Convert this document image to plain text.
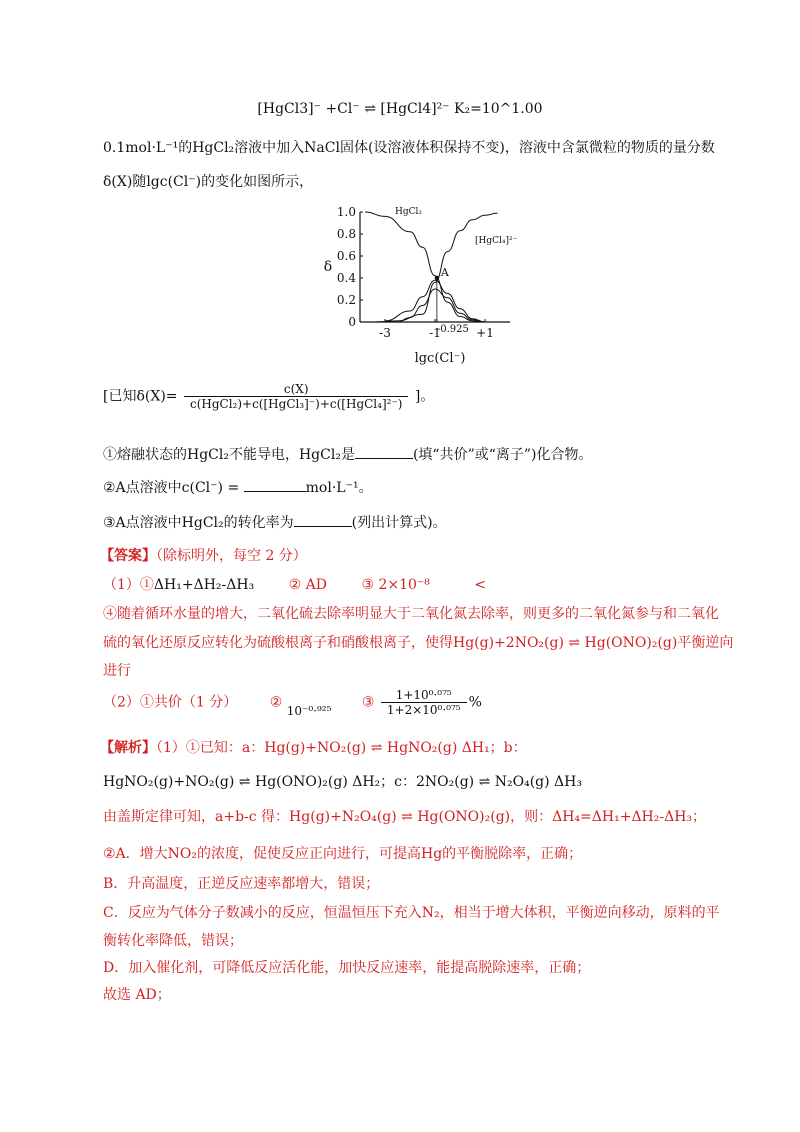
[HgCl3]⁻ +Cl⁻ ⇌ [HgCl4]²⁻ K₂=10^1.00
0.1mol·L⁻¹的HgCl₂溶液中加入NaCl固体(设溶液体积保持不变)，溶液中含氯微粒的物质的量分数
δ(X)随lgc(Cl⁻)的变化如图所示，
0
0.2
0.4
0.6
0.8
1.0
-3	-1
-0.925 +1
δ
lgc(Cl⁻)
HgCl₂
[HgCl₄]²⁻
A
[已知$\delta(X)= \frac{c(X)}{\text{c(HgCl₂)+c([HgCl₃]⁻)+c([HgCl₄]²⁻)}}$ ]。
①熔融状态的HgCl₂不能导电，HgCl₂是	(填“共价”或“离子”)化合物。
②A点溶液中c(Cl⁻) =	mol·L⁻¹。
③A点溶液中HgCl₂的转化率为	(列出计算式)。
【答案】（除标明外，每空 2 分）
（1）①ΔH₁+ΔH₂-ΔH₃ ② AD ③ 2×10⁻⁸	<
④随着循环水量的增大，二氧化硫去除率明显大于二氧化氮去除率，则更多的二氧化氮参与和二氧化
硫的氧化还原反应转化为硫酸根离子和硝酸根离子，使得Hg(g)+2NO₂(g) ⇌ Hg(ONO)₂(g)平衡逆向
进行
（2）①共价（1 分） ② 10⁻⁰·⁹²⁵ ③ $\frac{\text{1+10⁰·⁰⁷⁵}}{\text{1+2×10⁰·⁰⁷⁵}}$ %
【解析】（1）①已知：a：Hg(g)+NO₂(g) ⇌ HgNO₂(g) ΔH₁；b：
HgNO₂(g)+NO₂(g) ⇌ Hg(ONO)₂(g) ΔH₂；c：2NO₂(g) ⇌ N₂O₄(g) ΔH₃
由盖斯定律可知，a+b-c 得：Hg(g)+N₂O₄(g) ⇌ Hg(ONO)₂(g)，则：ΔH₄=ΔH₁+ΔH₂-ΔH₃；
②A．增大NO₂的浓度，促使反应正向进行，可提高Hg的平衡脱除率，正确；
B．升高温度，正逆反应速率都增大，错误；
C．反应为气体分子数减小的反应，恒温恒压下充入N₂，相当于增大体积，平衡逆向移动，原料的平
衡转化率降低，错误；
D．加入催化剂，可降低反应活化能，加快反应速率，能提高脱除速率，正确；
故选 AD；
